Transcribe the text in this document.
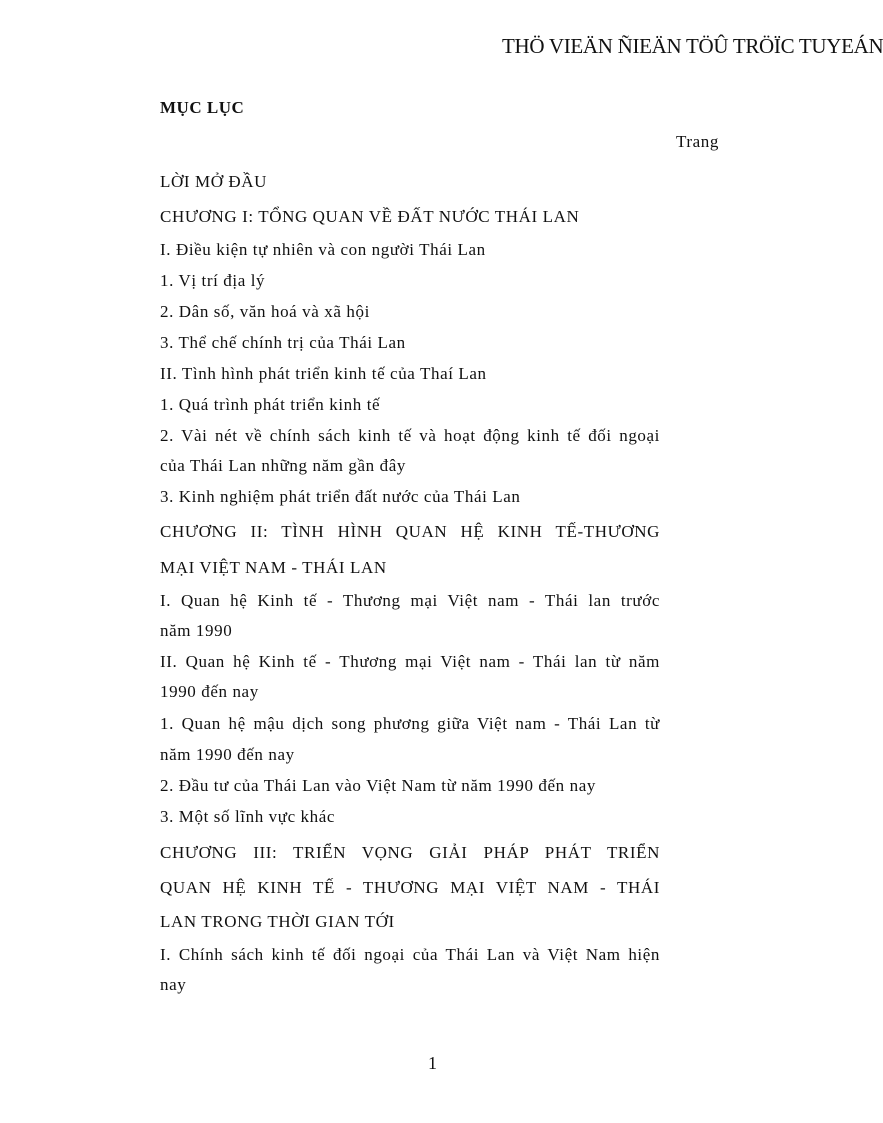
THÖ VIEÄN ÑIEÄN TÖÛ TRÖÏC TUYEÁN
MỤC LỤC
Trang
LỜI MỞ ĐẦU
CHƯƠNG I: TỔNG QUAN VỀ ĐẤT NƯỚC THÁI LAN
I. Điều kiện tự nhiên và con người Thái Lan
1. Vị trí địa lý
2. Dân số, văn hoá và xã hội
3. Thể chế chính trị của Thái Lan
II. Tình hình phát triển kinh tế của Thaí Lan
1. Quá trình phát triển kinh tế
2. Vài nét về chính sách kinh tế và hoạt động kinh tế đối ngoại
của Thái Lan những năm gần đây
3. Kinh nghiệm phát triển đất nước của Thái Lan
CHƯƠNG II: TÌNH HÌNH QUAN HỆ KINH TẾ-THƯƠNG
MẠI VIỆT NAM - THÁI LAN
I. Quan hệ Kinh tế - Thương mại Việt nam - Thái lan trước
năm 1990
II. Quan hệ Kinh tế - Thương mại Việt nam - Thái lan từ năm
1990 đến nay
1. Quan hệ mậu dịch song phương giữa Việt nam - Thái Lan từ
năm 1990 đến nay
2. Đầu tư của Thái Lan vào Việt Nam từ năm 1990 đến nay
3. Một số lĩnh vực khác
CHƯƠNG III: TRIỂN VỌNG GIẢI PHÁP PHÁT TRIỂN
QUAN HỆ KINH TẾ - THƯƠNG MẠI VIỆT NAM - THÁI
LAN TRONG THỜI GIAN TỚI
I. Chính sách kinh tế đối ngoại của Thái Lan và Việt Nam hiện
nay
1
